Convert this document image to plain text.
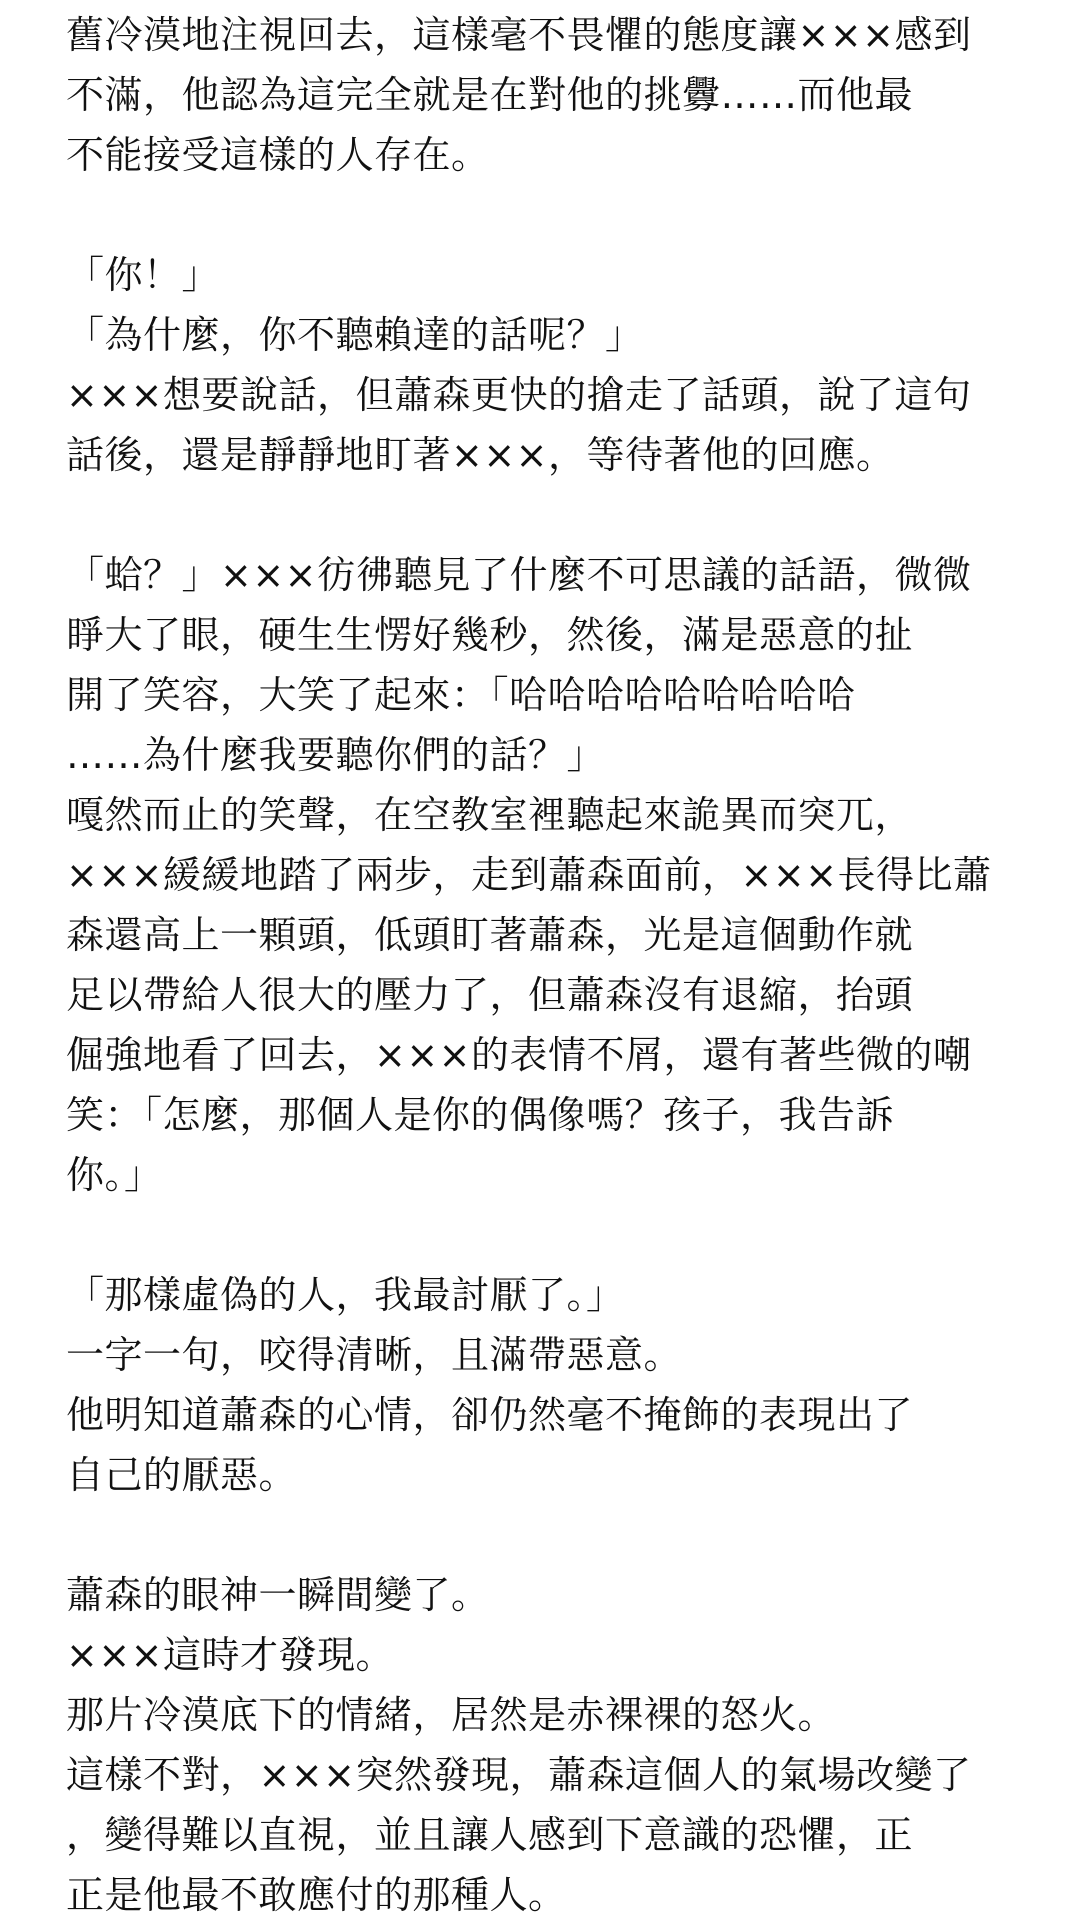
舊冷漠地注視回去，這樣毫不畏懼的態度讓×××感到
不滿，他認為這完全就是在對他的挑釁……而他最
不能接受這樣的人存在。
「你！」
「為什麼，你不聽賴達的話呢？」
×××想要說話，但蕭森更快的搶走了話頭，說了這句
話後，還是靜靜地盯著×××，等待著他的回應。
「蛤？」×××彷彿聽見了什麼不可思議的話語，微微
睜大了眼，硬生生愣好幾秒，然後，滿是惡意的扯
開了笑容，大笑了起來：「哈哈哈哈哈哈哈哈哈
……為什麼我要聽你們的話？」
嘎然而止的笑聲，在空教室裡聽起來詭異而突兀，
×××緩緩地踏了兩步，走到蕭森面前，×××長得比蕭
森還高上一顆頭，低頭盯著蕭森，光是這個動作就
足以帶給人很大的壓力了，但蕭森沒有退縮，抬頭
倔強地看了回去，×××的表情不屑，還有著些微的嘲
笑：「怎麼，那個人是你的偶像嗎？孩子，我告訴
你。」
「那樣虛偽的人，我最討厭了。」
一字一句，咬得清晰，且滿帶惡意。
他明知道蕭森的心情，卻仍然毫不掩飾的表現出了
自己的厭惡。
蕭森的眼神一瞬間變了。
×××這時才發現。
那片冷漠底下的情緒，居然是赤裸裸的怒火。
這樣不對，×××突然發現，蕭森這個人的氣場改變了
，變得難以直視，並且讓人感到下意識的恐懼，正
正是他最不敢應付的那種人。
